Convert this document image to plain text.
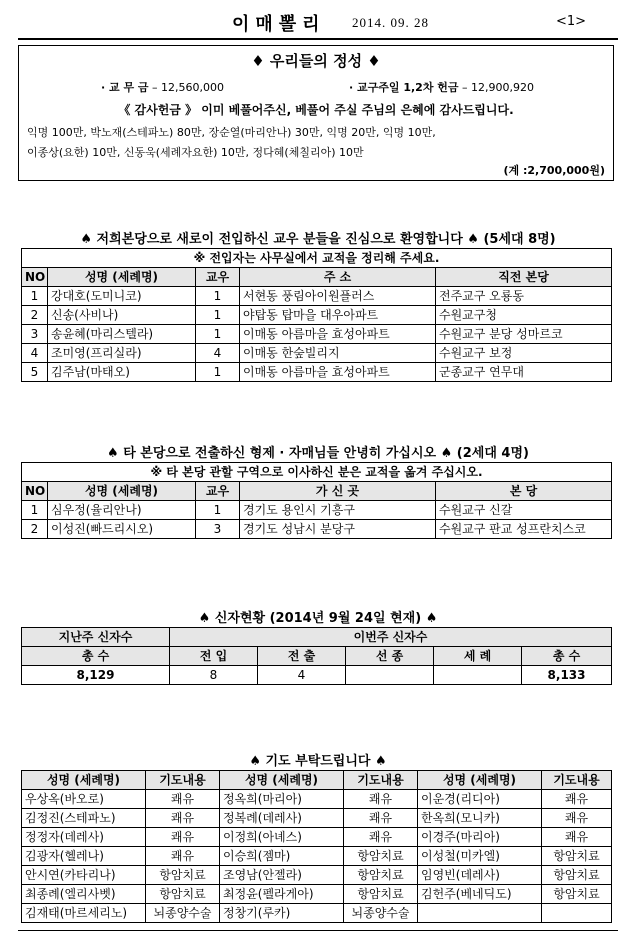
이매뽈리 2014. 09. 28	<1>
♦ 우리들의 정성 ♦
· 교 무 금 – 12,560,000	· 교구주일 1,2차 헌금 – 12,900,920
《 감사헌금 》 이미 베풀어주신, 베풀어 주실 주님의 은혜에 감사드립니다.
익명 100만, 박노재(스테파노) 80만, 장순열(마리안나) 30만, 익명 20만, 익명 10만,
이종상(요한) 10만, 신동욱(세례자요한) 10만, 정다혜(체칠리아) 10만
(계 :2,700,000원)
♠ 저희본당으로 새로이 전입하신 교우 분들을 진심으로 환영합니다 ♠ (5세대 8명)
※ 전입자는 사무실에서 교적을 정리해 주세요.				
NO	성명 (세례명)	교우	주 소	직전 본당
1	강대호(도미니코)	1	서현동 풍림아이원플러스	전주교구 오룡동
2	신송(사비나)	1	야탑동 탑마을 대우아파트	수원교구청
3	송윤혜(마리스텔라)	1	이매동 아름마을 효성아파트	수원교구 분당 성마르코
4	조미영(프리실라)	4	이매동 한숲빌리지	수원교구 보정
5	김주남(마태오)	1	이매동 아름마을 효성아파트	군종교구 연무대
♠ 타 본당으로 전출하신 형제 · 자매님들 안녕히 가십시오 ♠ (2세대 4명)
※ 타 본당 관할 구역으로 이사하신 분은 교적을 옮겨 주십시오.				
NO	성명 (세례명)	교우	가 신 곳	본 당
1	심우정(율리안나)	1	경기도 용인시 기흥구	수원교구 신갈
2	이성진(빠드리시오)	3	경기도 성남시 분당구	수원교구 판교 성프란치스코
♠ 신자현황 (2014년 9월 24일 현재) ♠
지난주 신자수	이번주 신자수				
총 수	전 입	전 출	선 종	세 례	총 수
8,129	8	4			8,133
♠ 기도 부탁드립니다 ♠
성명 (세례명)	기도내용	성명 (세례명)	기도내용	성명 (세례명)	기도내용
우상옥(바오로)	쾌유	정옥희(마리아)	쾌유	이운경(리디아)	쾌유
김정진(스테파노)	쾌유	정복례(데레사)	쾌유	한옥희(모니카)	쾌유
정정자(데레사)	쾌유	이정희(아녜스)	쾌유	이경주(마리아)	쾌유
김광자(헬레나)	쾌유	이승희(젬마)	항암치료	이성철(미카엘)	항암치료
안시연(카타리나)	항암치료	조영남(안젤라)	항암치료	임영빈(데레사)	항암치료
최종례(엘리사벳)	항암치료	최정윤(펠라게아)	항암치료	김헌주(베네딕도)	항암치료
김재태(마르세리노)	뇌종양수술	정창기(루카)	뇌종양수술		
